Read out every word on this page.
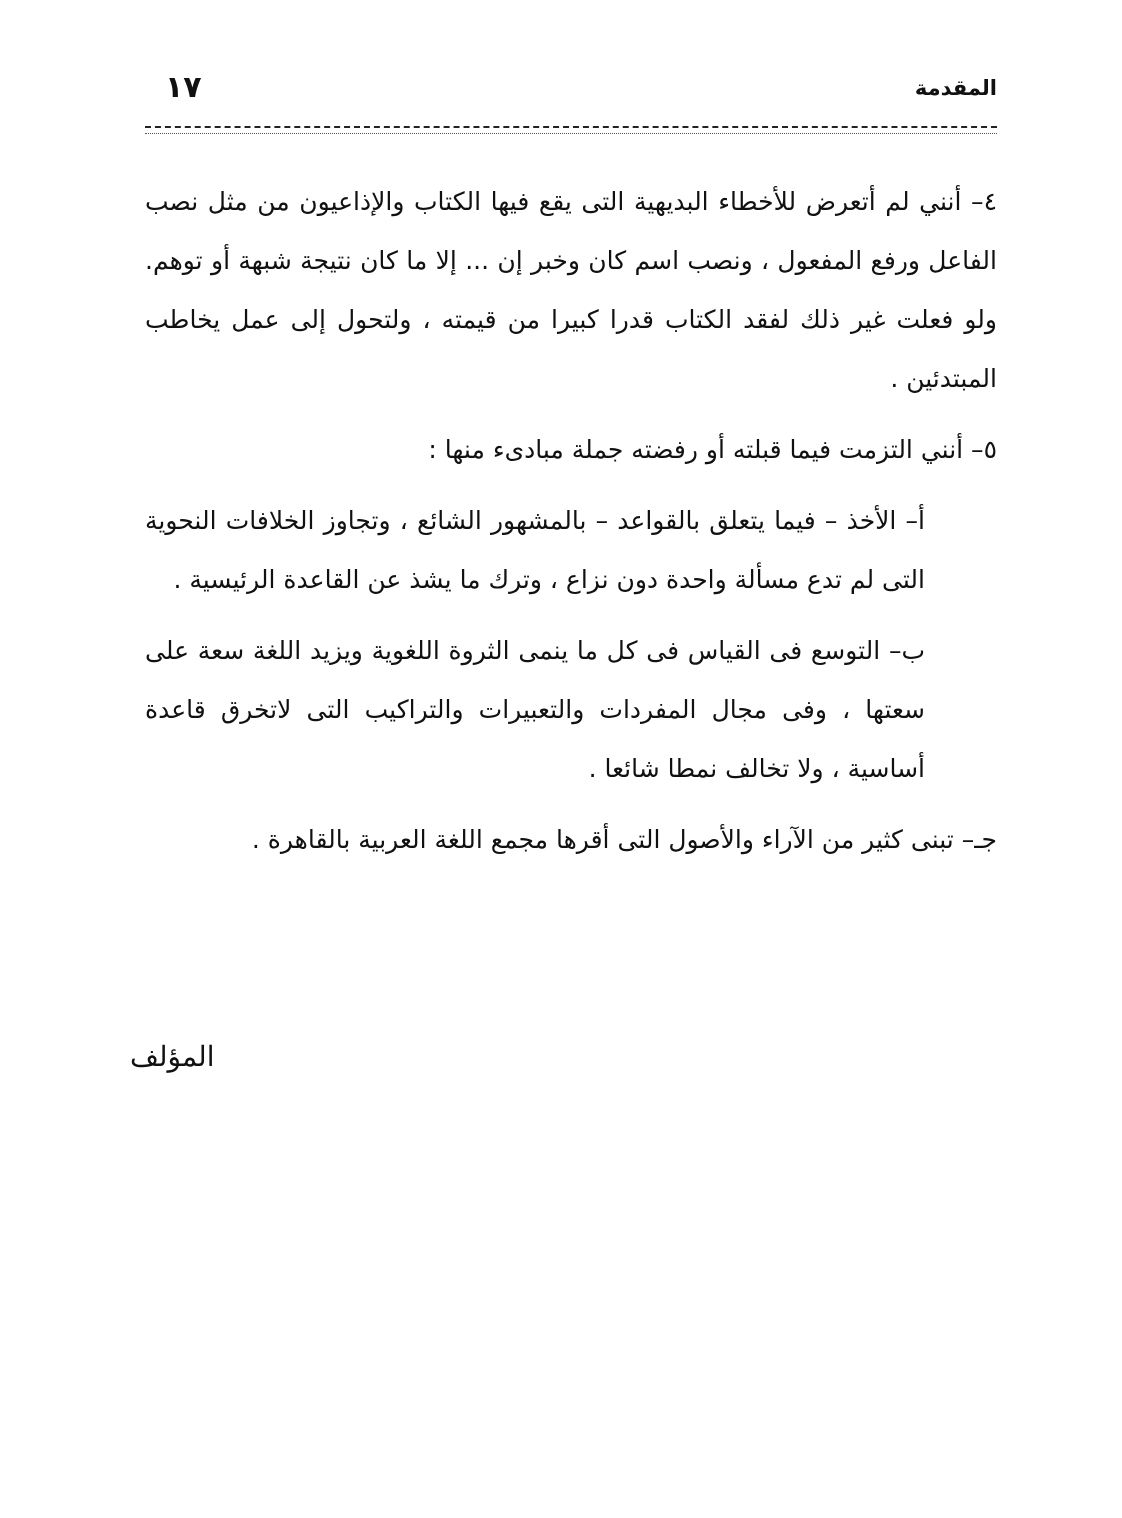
المقدمة
١٧

٤– أنني لم أتعرض للأخطاء البديهية التى يقع فيها الكتاب والإذاعيون من مثل نصب الفاعل ورفع المفعول ، ونصب اسم كان وخبر إن ... إلا ما كان نتيجة شبهة أو توهم. ولو فعلت غير ذلك لفقد الكتاب قدرا كبيرا من قيمته ، ولتحول إلى عمل يخاطب المبتدئين .

٥– أنني التزمت فيما قبلته أو رفضته جملة مبادىء منها :

أ– الأخذ – فيما يتعلق بالقواعد – بالمشهور الشائع ، وتجاوز الخلافات النحوية التى لم تدع مسألة واحدة دون نزاع ، وترك ما يشذ عن القاعدة الرئيسية .

ب– التوسع فى القياس فى كل ما ينمى الثروة اللغوية ويزيد اللغة سعة على سعتها ، وفى مجال المفردات والتعبيرات والتراكيب التى لاتخرق قاعدة أساسية ، ولا تخالف نمطا شائعا .

جـ– تبنى كثير من الآراء والأصول التى أقرها مجمع اللغة العربية بالقاهرة .

المؤلف
